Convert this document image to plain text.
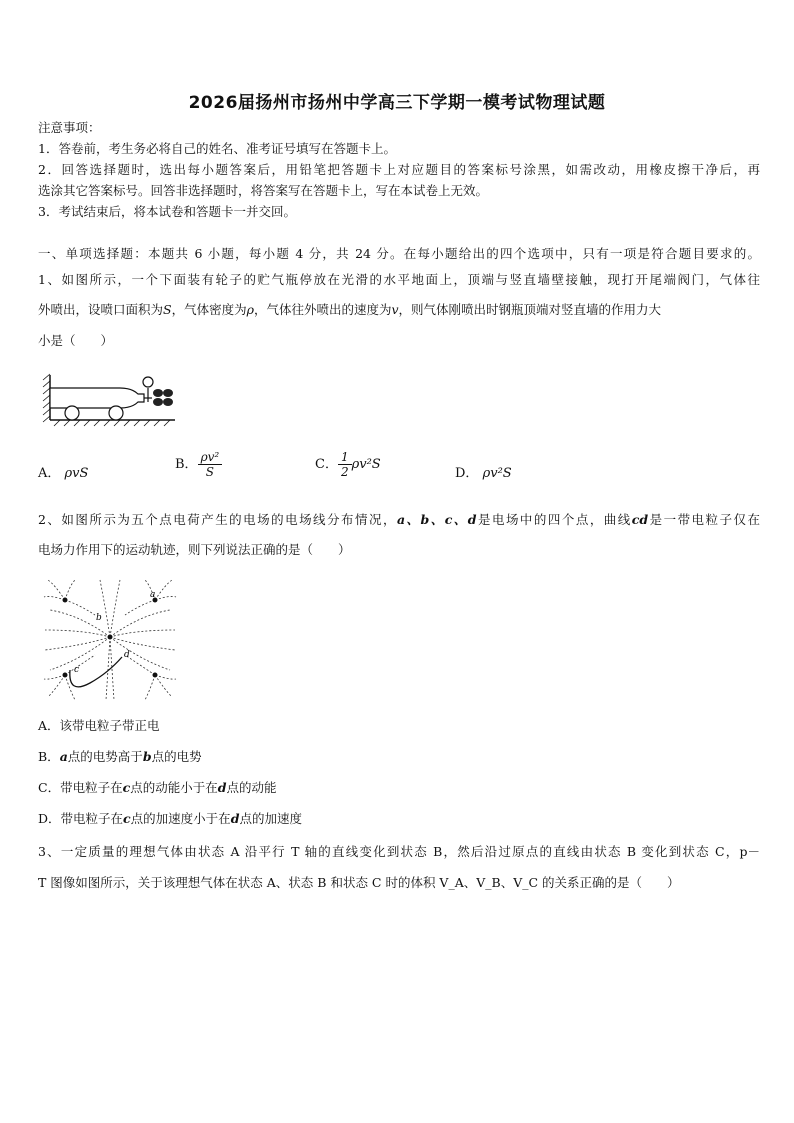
2026届扬州市扬州中学高三下学期一模考试物理试题
注意事项：
1．答卷前，考生务必将自己的姓名、准考证号填写在答题卡上。
2．回答选择题时，选出每小题答案后，用铅笔把答题卡上对应题目的答案标号涂黑，如需改动，用橡皮擦干净后，再
选涂其它答案标号。回答非选择题时，将答案写在答题卡上，写在本试卷上无效。
3．考试结束后，将本试卷和答题卡一并交回。
一、单项选择题：本题共 6 小题，每小题 4 分，共 24 分。在每小题给出的四个选项中，只有一项是符合题目要求的。
1、如图所示，一个下面装有轮子的贮气瓶停放在光滑的水平地面上，顶端与竖直墙壁接触，现打开尾端阀门，气体往
外喷出，设喷口面积为S，气体密度为ρ，气体往外喷出的速度为v，则气体刚喷出时钢瓶顶端对竖直墙的作用力大
小是（　　）
A． ρvS
B． $\frac{\text{ρv²}}{S}$	C． $\frac{1}{2} \rho v^2S$
D． ρv²S
2、如图所示为五个点电荷产生的电场的电场线分布情况，a、b、c、d是电场中的四个点，曲线cd是一带电粒子仅在
电场力作用下的运动轨迹，则下列说法正确的是（　　）
a
b
c
d
A．该带电粒子带正电
B．a点的电势高于b点的电势
C．带电粒子在c点的动能小于在d点的动能
D．带电粒子在c点的加速度小于在d点的加速度
3、一定质量的理想气体由状态 A 沿平行 T 轴的直线变化到状态 B，然后沿过原点的直线由状态 B 变化到状态 C，p－
T 图像如图所示，关于该理想气体在状态 A、状态 B 和状态 C 时的体积 V_A、V_B、V_C 的关系正确的是（　　）
